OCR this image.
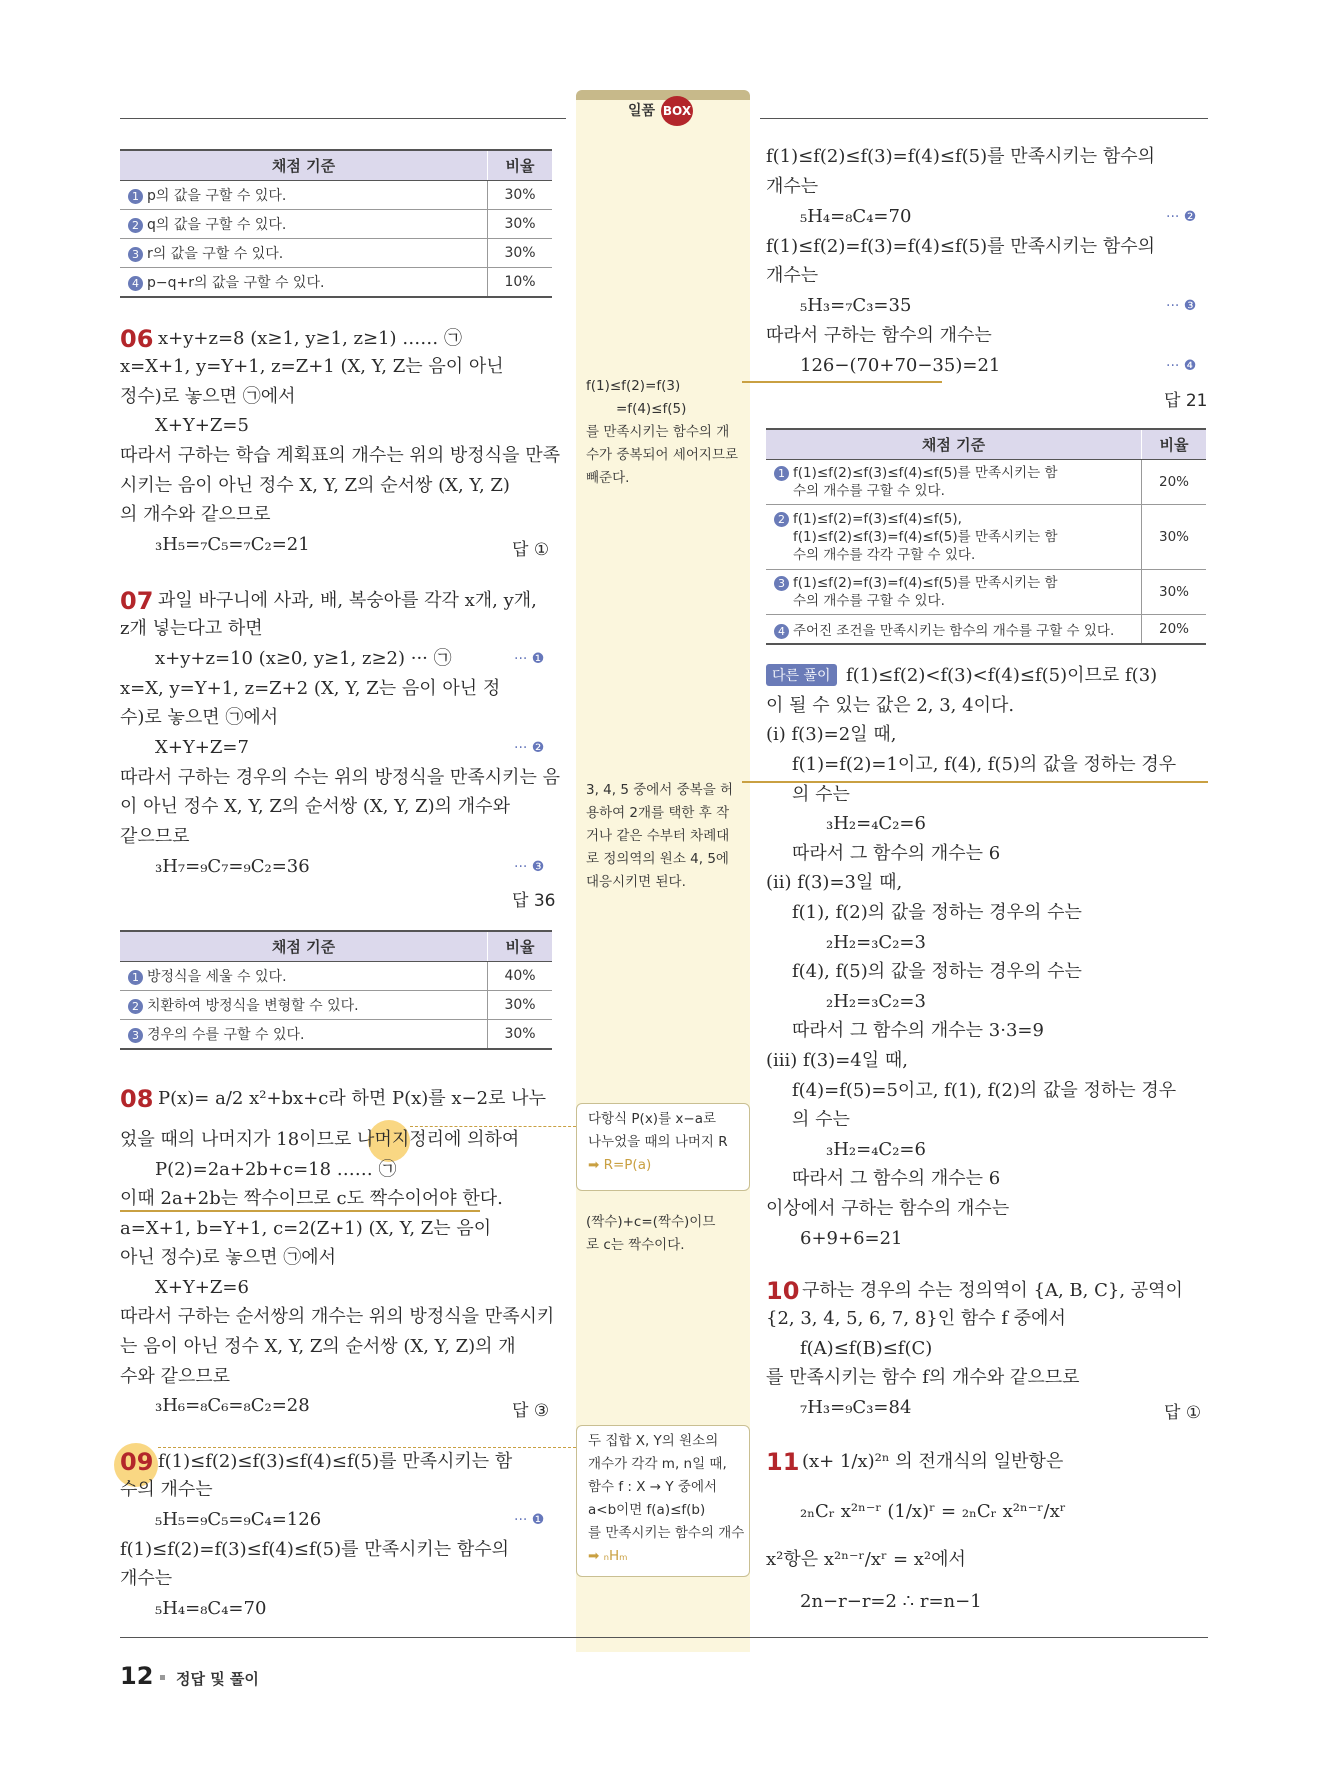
일품 BOX
채점 기준	비율
1 p의 값을 구할 수 있다.	30%
2 q의 값을 구할 수 있다.	30%
3 r의 값을 구할 수 있다.	30%
4 p−q+r의 값을 구할 수 있다.	10%
06 x+y+z=8 (x≥1, y≥1, z≥1) …… ㉠
x=X+1, y=Y+1, z=Z+1 (X, Y, Z는 음이 아닌
정수)로 놓으면 ㉠에서
X+Y+Z=5
따라서 구하는 학습 계획표의 개수는 위의 방정식을 만족
시키는 음이 아닌 정수 X, Y, Z의 순서쌍 (X, Y, Z)
의 개수와 같으므로
₃H₅=₇C₅=₇C₂=21	답 ①
07 과일 바구니에 사과, 배, 복숭아를 각각 x개, y개,
z개 넣는다고 하면
x+y+z=10 (x≥0, y≥1, z≥2) ··· ㉠	··· ❶
x=X, y=Y+1, z=Z+2 (X, Y, Z는 음이 아닌 정
수)로 놓으면 ㉠에서
X+Y+Z=7	··· ❷
따라서 구하는 경우의 수는 위의 방정식을 만족시키는 음
이 아닌 정수 X, Y, Z의 순서쌍 (X, Y, Z)의 개수와
같으므로
₃H₇=₉C₇=₉C₂=36	··· ❸
답 36
채점 기준	비율
1 방정식을 세울 수 있다.	40%
2 치환하여 방정식을 변형할 수 있다.	30%
3 경우의 수를 구할 수 있다.	30%
08 P(x)= a/2 x²+bx+c라 하면 P(x)를 x−2로 나누
었을 때의 나머지가 18이므로 나머지정리에 의하여
P(2)=2a+2b+c=18 …… ㉠
이때 2a+2b는 짝수이므로 c도 짝수이어야 한다.
a=X+1, b=Y+1, c=2(Z+1) (X, Y, Z는 음이
아닌 정수)로 놓으면 ㉠에서
X+Y+Z=6
따라서 구하는 순서쌍의 개수는 위의 방정식을 만족시키
는 음이 아닌 정수 X, Y, Z의 순서쌍 (X, Y, Z)의 개
수와 같으므로
₃H₆=₈C₆=₈C₂=28	답 ③
09 f(1)≤f(2)≤f(3)≤f(4)≤f(5)를 만족시키는 함
수의 개수는
₅H₅=₉C₅=₉C₄=126	··· ❶
f(1)≤f(2)=f(3)≤f(4)≤f(5)를 만족시키는 함수의
개수는
₅H₄=₈C₄=70
f(1)≤f(2)=f(3)
=f(4)≤f(5)
를 만족시키는 함수의 개
수가 중복되어 세어지므로
빼준다.
3, 4, 5 중에서 중복을 허
용하여 2개를 택한 후 작
거나 같은 수부터 차례대
로 정의역의 원소 4, 5에
대응시키면 된다.
다항식 P(x)를 x−a로
나누었을 때의 나머지 R
➡ R=P(a)
(짝수)+c=(짝수)이므
로 c는 짝수이다.
두 집합 X, Y의 원소의
개수가 각각 m, n일 때,
함수 f : X → Y 중에서
a<b이면 f(a)≤f(b)
를 만족시키는 함수의 개수
➡ ₙHₘ
f(1)≤f(2)≤f(3)=f(4)≤f(5)를 만족시키는 함수의
개수는
₅H₄=₈C₄=70	··· ❷
f(1)≤f(2)=f(3)=f(4)≤f(5)를 만족시키는 함수의
개수는
₅H₃=₇C₃=35	··· ❸
따라서 구하는 함수의 개수는
126−(70+70−35)=21	··· ❹
답 21
채점 기준	비율
1 f(1)≤f(2)≤f(3)≤f(4)≤f(5)를 만족시키는 함
수의 개수를 구할 수 있다.	20%
2 f(1)≤f(2)=f(3)≤f(4)≤f(5),
f(1)≤f(2)≤f(3)=f(4)≤f(5)를 만족시키는 함
수의 개수를 각각 구할 수 있다.	30%
3 f(1)≤f(2)=f(3)=f(4)≤f(5)를 만족시키는 함
수의 개수를 구할 수 있다.	30%
4 주어진 조건을 만족시키는 함수의 개수를 구할 수 있다.	20%
다른 풀이 f(1)≤f(2)<f(3)<f(4)≤f(5)이므로 f(3)
이 될 수 있는 값은 2, 3, 4이다.
(i) f(3)=2일 때,
f(1)=f(2)=1이고, f(4), f(5)의 값을 정하는 경우
의 수는
₃H₂=₄C₂=6
따라서 그 함수의 개수는 6
(ii) f(3)=3일 때,
f(1), f(2)의 값을 정하는 경우의 수는
₂H₂=₃C₂=3
f(4), f(5)의 값을 정하는 경우의 수는
₂H₂=₃C₂=3
따라서 그 함수의 개수는 3·3=9
(iii) f(3)=4일 때,
f(4)=f(5)=5이고, f(1), f(2)의 값을 정하는 경우
의 수는
₃H₂=₄C₂=6
따라서 그 함수의 개수는 6
이상에서 구하는 함수의 개수는
6+9+6=21
10 구하는 경우의 수는 정의역이 {A, B, C}, 공역이
{2, 3, 4, 5, 6, 7, 8}인 함수 f 중에서
f(A)≤f(B)≤f(C)
를 만족시키는 함수 f의 개수와 같으므로
₇H₃=₉C₃=84	답 ①
11 (x+ 1/x)²ⁿ 의 전개식의 일반항은
₂ₙCᵣ x²ⁿ⁻ʳ (1/x)ʳ = ₂ₙCᵣ x²ⁿ⁻ʳ/xʳ
x²항은 x²ⁿ⁻ʳ/xʳ = x²에서
2n−r−r=2 ∴ r=n−1
12 정답 및 풀이
